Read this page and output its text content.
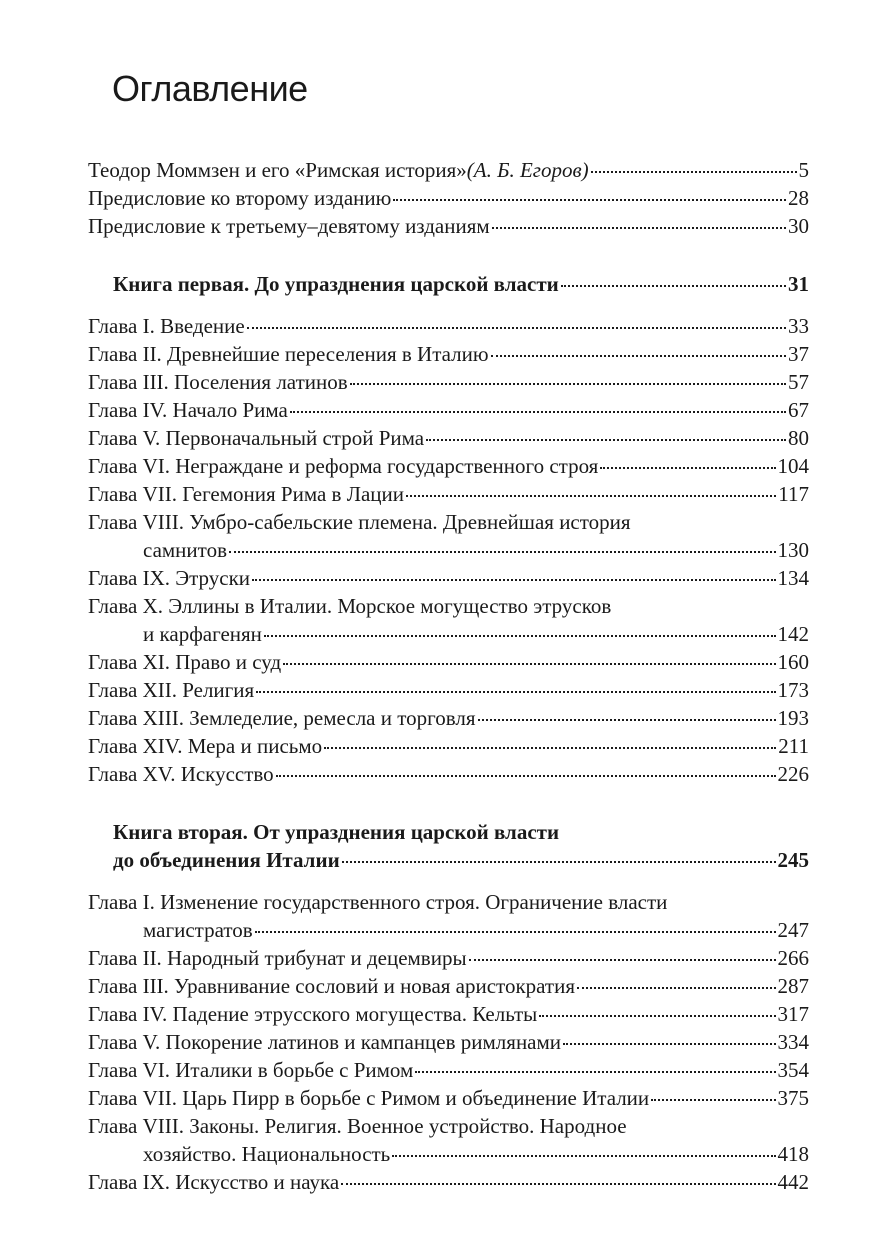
Оглавление
Теодор Моммзен и его «Римская история» (А. Б. Егоров)	5
Предисловие ко второму изданию	28
Предисловие к третьему–девятому изданиям	30
Книга первая. До упразднения царской власти	31
Глава I. Введение	33
Глава II. Древнейшие переселения в Италию	37
Глава III. Поселения латинов	57
Глава IV. Начало Рима	67
Глава V. Первоначальный строй Рима	80
Глава VI. Неграждане и реформа государственного строя	104
Глава VII. Гегемония Рима в Лации	117
Глава VIII. Умбро-сабельские племена. Древнейшая история
самнитов	130
Глава IX. Этруски	134
Глава X. Эллины в Италии. Морское могущество этрусков
и карфагенян	142
Глава XI. Право и суд	160
Глава XII. Религия	173
Глава XIII. Земледелие, ремесла и торговля	193
Глава XIV. Мера и письмо	211
Глава XV. Искусство	226
Книга вторая. От упразднения царской власти
до объединения Италии	245
Глава I. Изменение государственного строя. Ограничение власти
магистратов	247
Глава II. Народный трибунат и децемвиры	266
Глава III. Уравнивание сословий и новая аристократия	287
Глава IV. Падение этрусского могущества. Кельты	317
Глава V. Покорение латинов и кампанцев римлянами	334
Глава VI. Италики в борьбе с Римом	354
Глава VII. Царь Пирр в борьбе с Римом и объединение Италии	375
Глава VIII. Законы. Религия. Военное устройство. Народное
хозяйство. Национальность	418
Глава IX. Искусство и наука	442
